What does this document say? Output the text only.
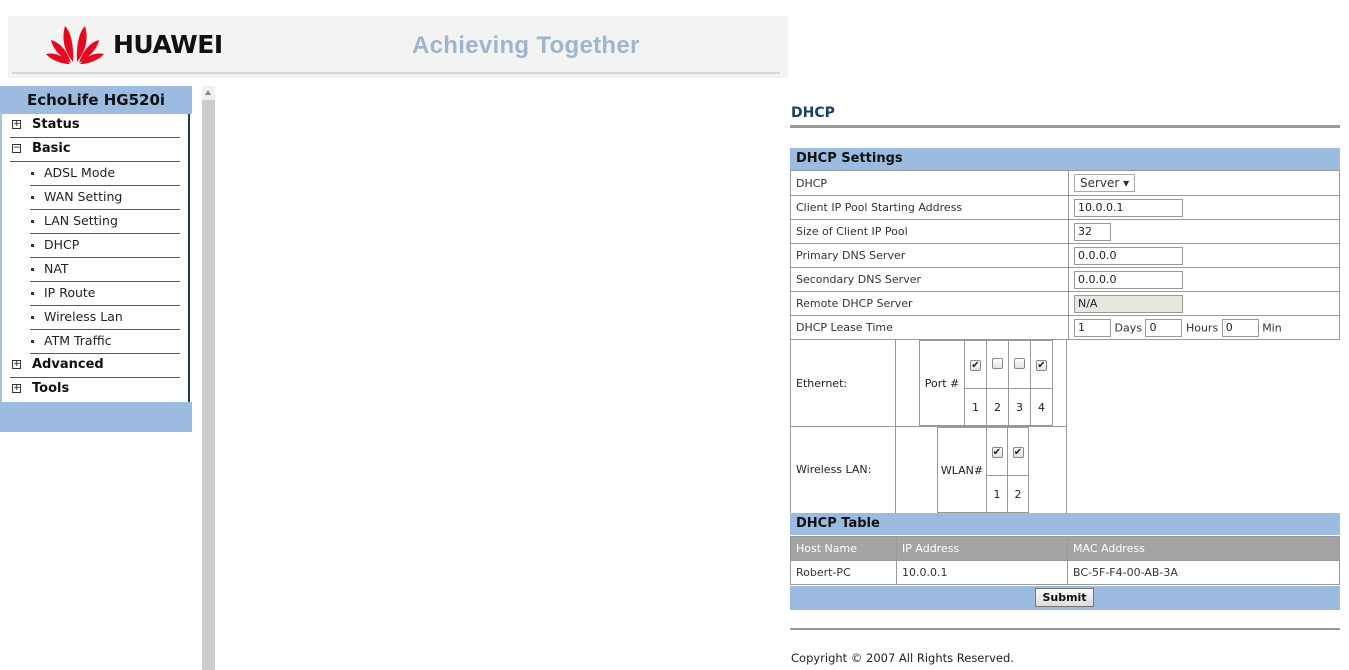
HUAWEI	Achieving Together
EchoLife HG520i
+ Status
− Basic
ADSL Mode
WAN Setting
LAN Setting
DHCP
NAT
IP Route
Wireless Lan
ATM Traffic
+ Advanced
+ Tools
DHCP
DHCP Settings
DHCP	Server ▾
Client IP Pool Starting Address	10.0.0.1
Size of Client IP Pool	32
Primary DNS Server	0.0.0.0
Secondary DNS Server	0.0.0.0
Remote DHCP Server	N/A
DHCP Lease Time	1Days 0 Hours 0 Min
Ethernet:	Port #	✔			✔
	1	2	3	4
Wireless LAN:	WLAN#	✔	✔
	1	2
DHCP Table
Host Name	IP Address	MAC Address
Robert-PC	10.0.0.1	BC-5F-F4-00-AB-3A
Submit
Copyright © 2007 All Rights Reserved.
